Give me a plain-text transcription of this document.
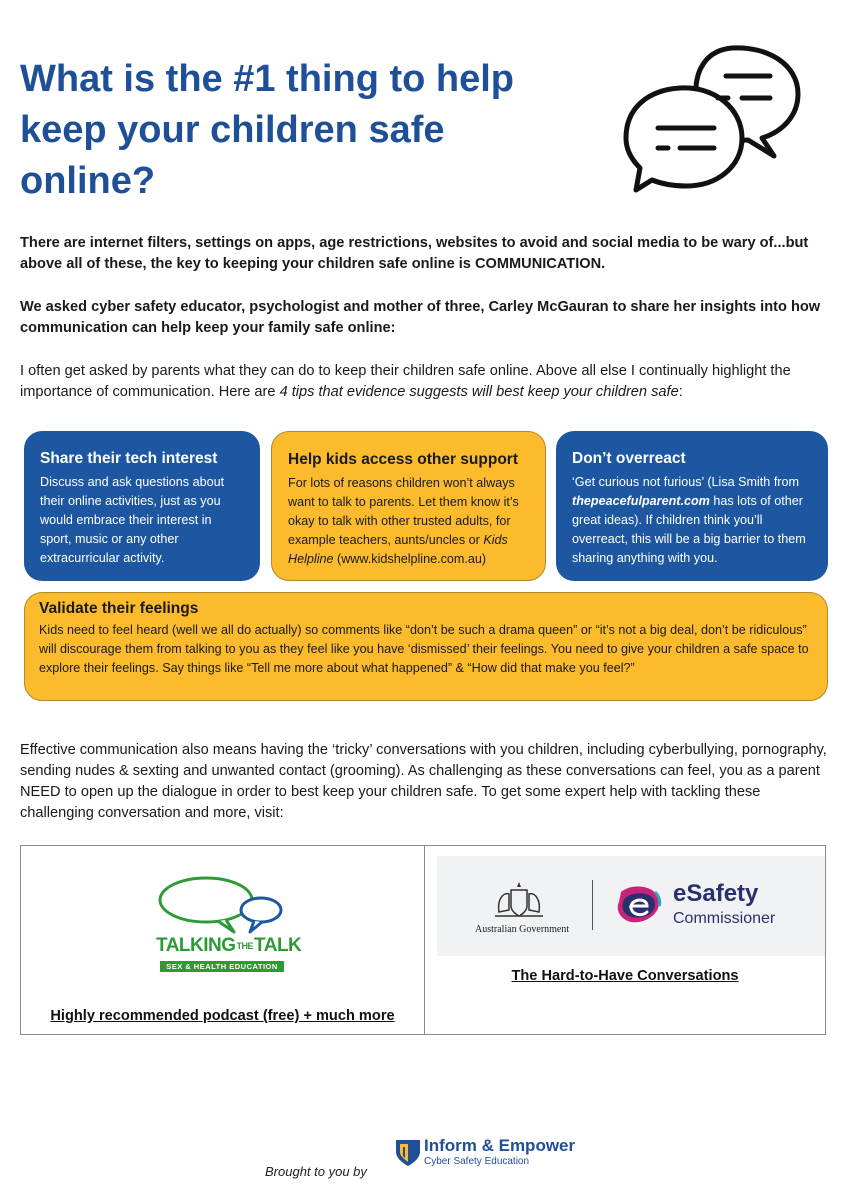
What is the #1 thing to help keep your children safe online?

There are internet filters, settings on apps, age restrictions, websites to avoid and social media to be wary of...but above all of these, the key to keeping your children safe online is COMMUNICATION.

We asked cyber safety educator, psychologist and mother of three, Carley McGauran to share her insights into how communication can help keep your family safe online:

I often get asked by parents what they can do to keep their children safe online. Above all else I continually highlight the importance of communication. Here are 4 tips that evidence suggests will best keep your children safe:

Share their tech interest

Discuss and ask questions about their online activities, just as you would embrace their interest in sport, music or any other extracurricular activity.

Help kids access other support

For lots of reasons children won’t always want to talk to parents. Let them know it’s okay to talk with other trusted adults, for example teachers, aunts/uncles or Kids Helpline (www.kidshelpline.com.au)

Don’t overreact

‘Get curious not furious’ (Lisa Smith from thepeacefulparent.com has lots of other great ideas). If children think you’ll overreact, this will be a big barrier to them sharing anything with you.

Validate their feelings

Kids need to feel heard (well we all do actually) so comments like “don’t be such a drama queen” or “it’s not a big deal, don’t be ridiculous” will discourage them from talking to you as they feel like you have ‘dismissed’ their feelings. You need to give your children a safe space to explore their feelings. Say things like “Tell me more about what happened” & “How did that make you feel?”

Effective communication also means having the ‘tricky’ conversations with you children, including cyberbullying, pornography, sending nudes & sexting and unwanted contact (grooming). As challenging as these conversations can feel, you as a parent NEED to open up the dialogue in order to best keep your children safe. To get some expert help with tackling these challenging conversation and more, visit:

TALKINGTHETALK
SEX & HEALTH EDUCATION
Highly recommended podcast (free) + much more
Australian Government
eSafety
Commissioner
The Hard-to-Have Conversations
Brought to you by
Inform & Empower
Cyber Safety Education
